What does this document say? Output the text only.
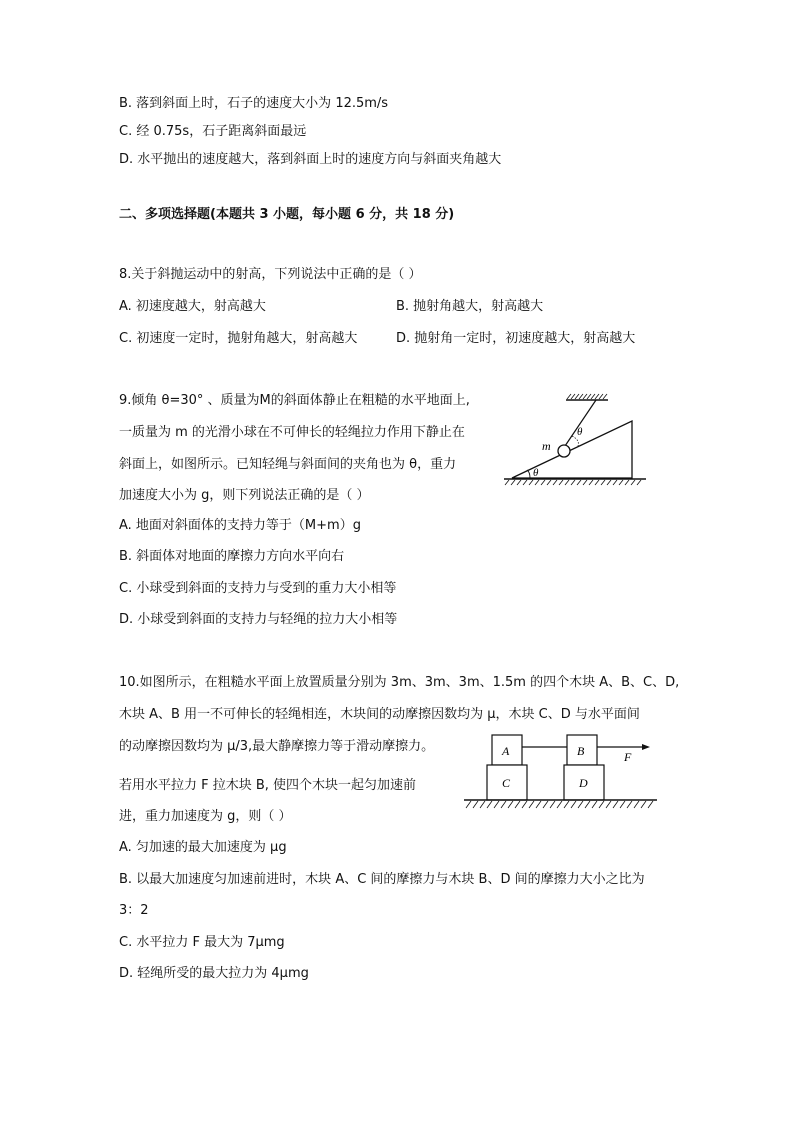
B. 落到斜面上时，石子的速度大小为 12.5m/s
C. 经 0.75s，石子距离斜面最远
D. 水平抛出的速度越大，落到斜面上时的速度方向与斜面夹角越大
二、多项选择题(本题共 3 小题，每小题 6 分，共 18 分)
8.关于斜抛运动中的射高，下列说法中正确的是（ ）
A. 初速度越大，射高越大	B. 抛射角越大，射高越大
C. 初速度一定时，抛射角越大，射高越大	D. 抛射角一定时，初速度越大，射高越大
9.倾角 θ=30° 、质量为M的斜面体静止在粗糙的水平地面上,
一质量为 m 的光滑小球在不可伸长的轻绳拉力作用下静止在
斜面上，如图所示。已知轻绳与斜面间的夹角也为 θ，重力
加速度大小为 g，则下列说法正确的是（ ）
A. 地面对斜面体的支持力等于（M+m）g
B. 斜面体对地面的摩擦力方向水平向右
C. 小球受到斜面的支持力与受到的重力大小相等
D. 小球受到斜面的支持力与轻绳的拉力大小相等
m
θ
θ
10.如图所示，在粗糙水平面上放置质量分别为 3m、3m、3m、1.5m 的四个木块 A、B、C、D,
木块 A、B 用一不可伸长的轻绳相连，木块间的动摩擦因数均为 μ，木块 C、D 与水平面间
的动摩擦因数均为 μ/3,最大静摩擦力等于滑动摩擦力。
若用水平拉力 F 拉木块 B, 使四个木块一起匀加速前
进，重力加速度为 g，则（ ）
A. 匀加速的最大加速度为 μg
B. 以最大加速度匀加速前进时，木块 A、C 间的摩擦力与木块 B、D 间的摩擦力大小之比为
3：2
C. 水平拉力 F 最大为 7μmg
D. 轻绳所受的最大拉力为 4μmg
A	B
C	D
F
